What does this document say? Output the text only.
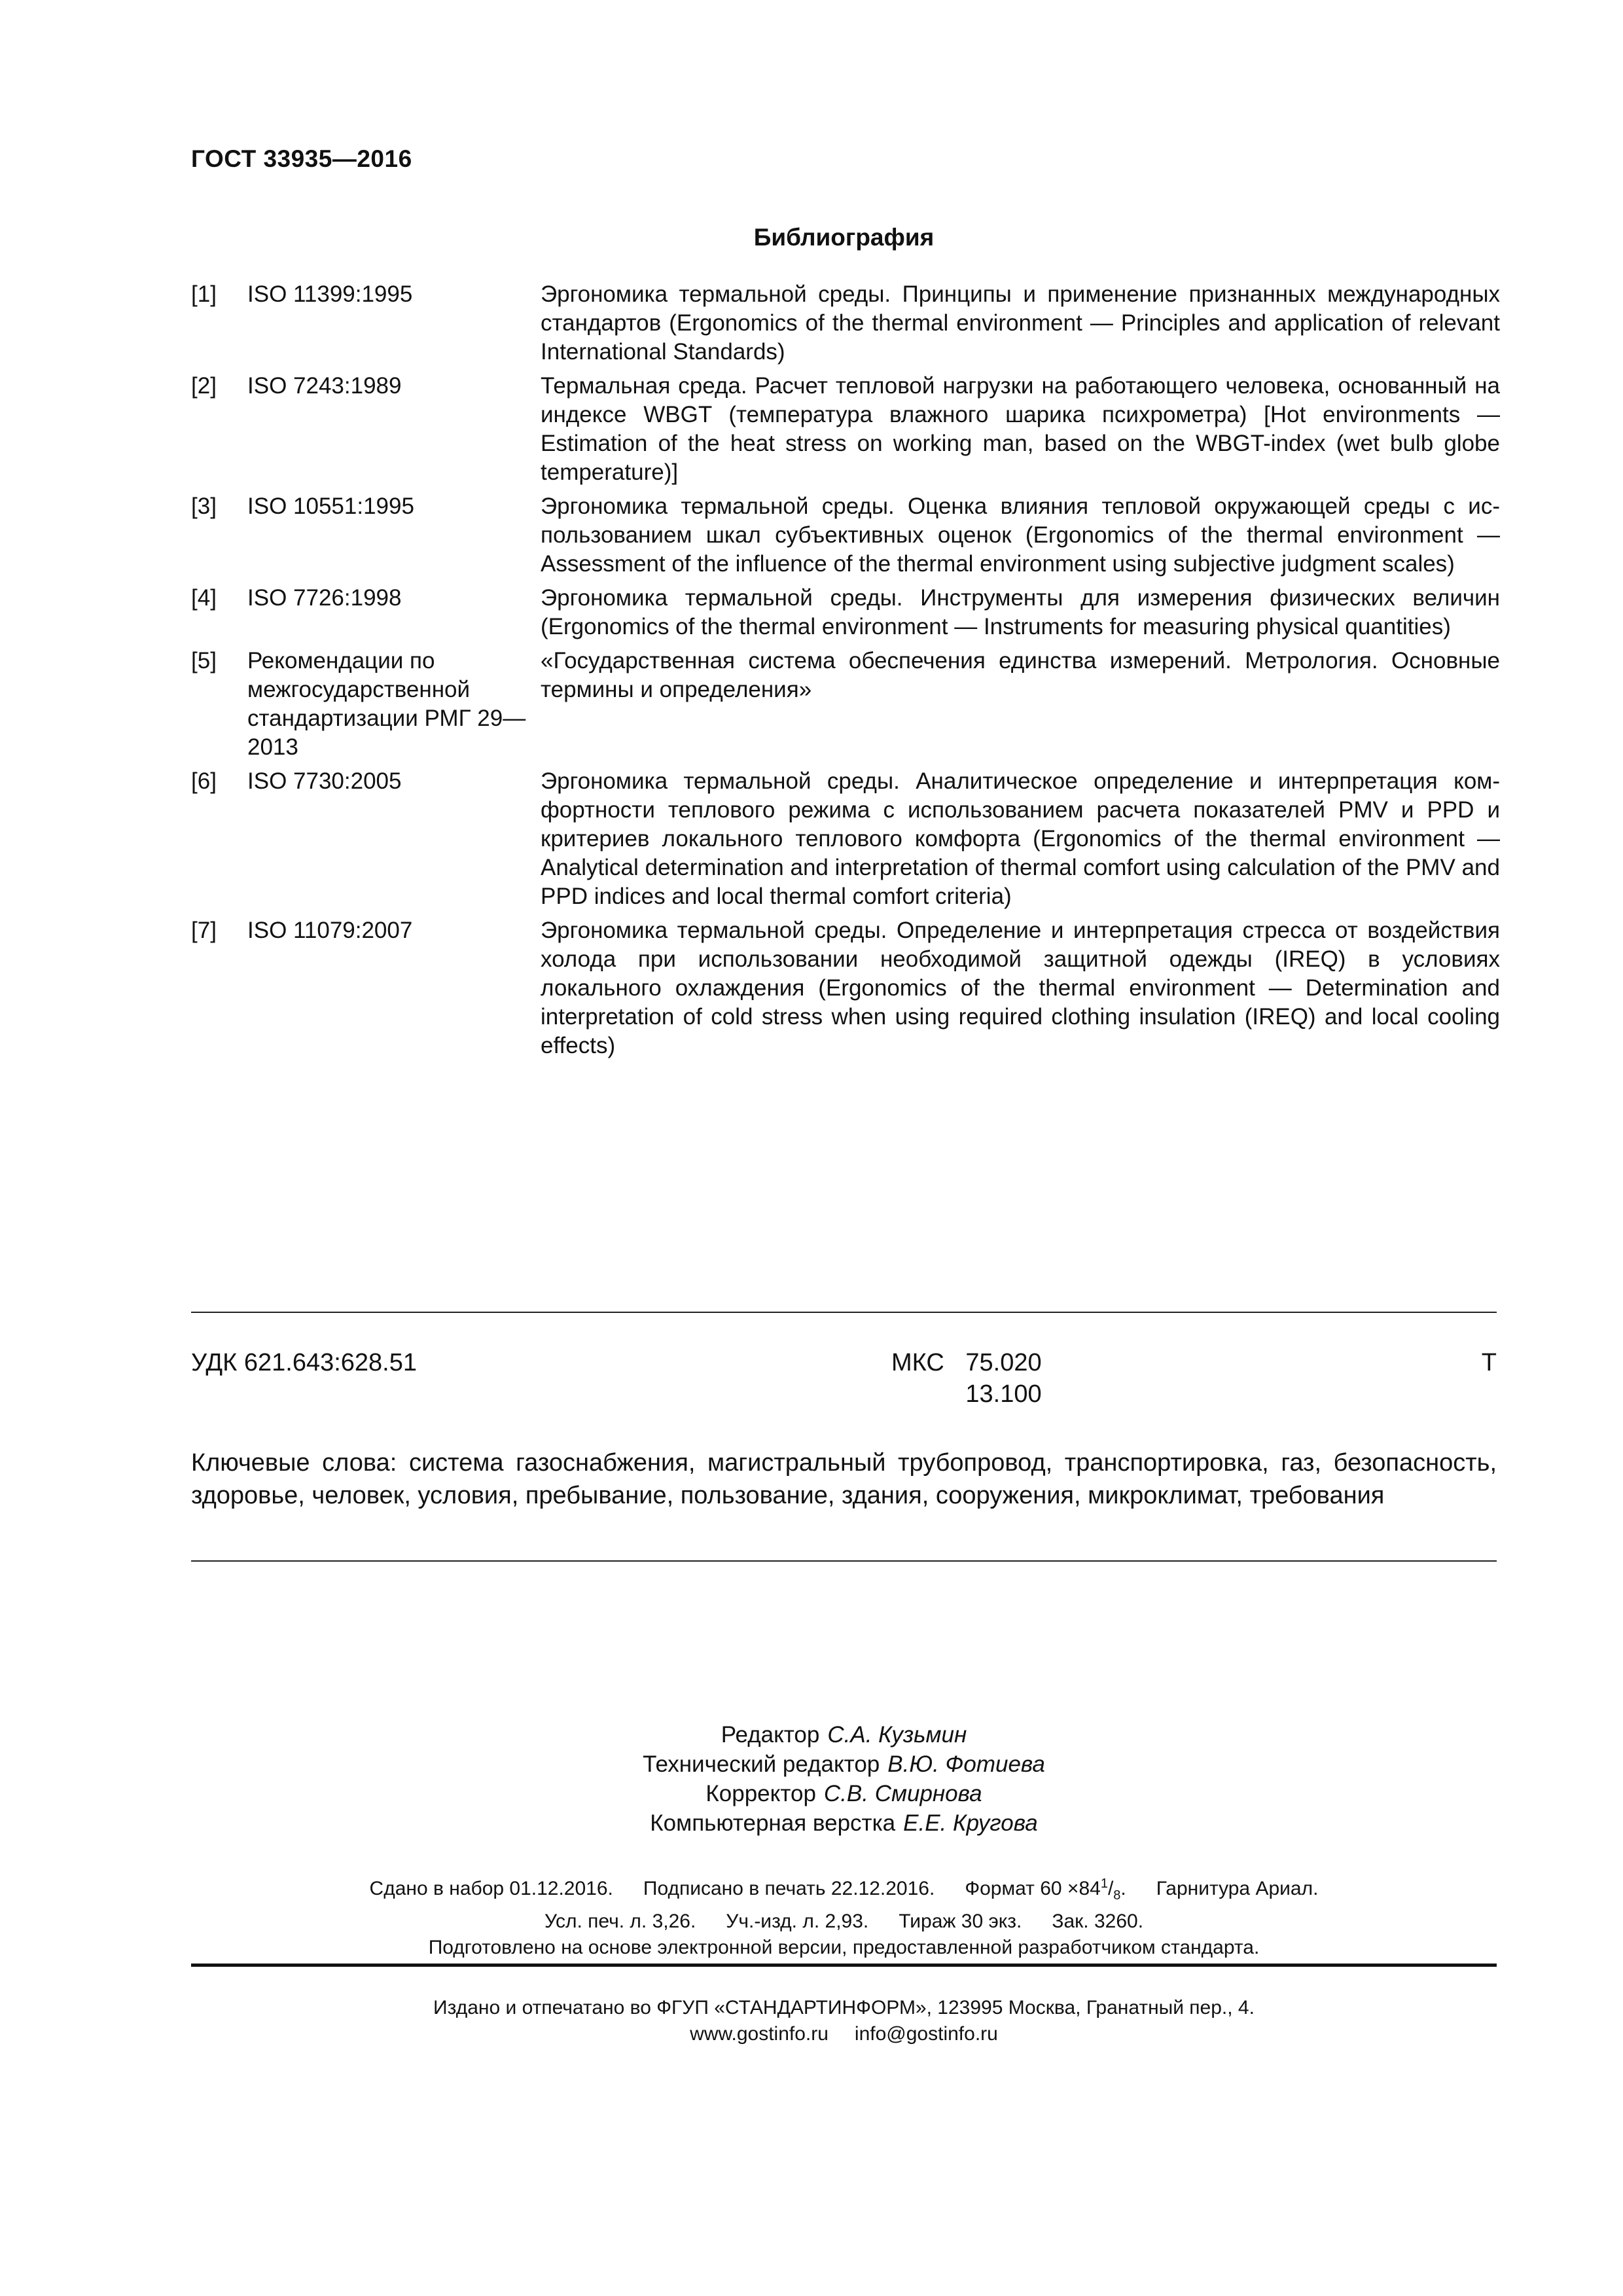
ГОСТ 33935—2016
Библиография
[1]	ISO 11399:1995	Эргономика термальной среды. Принципы и применение признанных международных стандартов (Ergonomics of the thermal environment — Principles and application of relevant International Standards)
[2]	ISO 7243:1989	Термальная среда. Расчет тепловой нагрузки на работающего человека, основанный на индексе WBGT (температура влажного шарика психрометра) [Hot environments — Estimation of the heat stress on working man, based on the WBGT-index (wet bulb globe temperature)]
[3]	ISO 10551:1995	Эргономика термальной среды. Оценка влияния тепловой окружающей среды с использованием шкал субъективных оценок (Ergonomics of the thermal environment — Assessment of the influence of the thermal environment using subjective judgment scales)
[4]	ISO 7726:1998	Эргономика термальной среды. Инструменты для измерения физических величин (Ergonomics of the thermal environment — Instruments for measuring physical quantities)
[5]	Рекомендации по межгосударственной стандартизации РМГ 29—2013	«Государственная система обеспечения единства измерений. Метрология. Основные термины и определения»
[6]	ISO 7730:2005	Эргономика термальной среды. Аналитическое определение и интерпретация комфортности теплового режима с использованием расчета показателей PMV и PPD и критериев локального теплового комфорта (Ergonomics of the thermal environment — Analytical determination and interpretation of thermal comfort using calculation of the PMV and PPD indices and local thermal comfort criteria)
[7]	ISO 11079:2007	Эргономика термальной среды. Определение и интерпретация стресса от воздействия холода при использовании необходимой защитной одежды (IREQ) в условиях локального охлаждения (Ergonomics of the thermal environment — Determination and interpretation of cold stress when using required clothing insulation (IREQ) and local cooling effects)
УДК 621.643:628.51	МКС 75.020
13.100
Т
Ключевые слова: система газоснабжения, магистральный трубопровод, транспортировка, газ, безопасность, здоровье, человек, условия, пребывание, пользование, здания, сооружения, микроклимат, требования
Редактор С.А. Кузьмин
Технический редактор В.Ю. Фотиева
Корректор С.В. Смирнова
Компьютерная верстка Е.Е. Кругова
Сдано в набор 01.12.2016. Подписано в печать 22.12.2016. Формат $60 \times 84^1/_8$. Гарнитура Ариал.
Усл. печ. л. 3,26. Уч.-изд. л. 2,93. Тираж 30 экз. Зак. 3260.
Подготовлено на основе электронной версии, предоставленной разработчиком стандарта.
Издано и отпечатано во ФГУП «СТАНДАРТИНФОРМ», 123995 Москва, Гранатный пер., 4.
www.gostinfo.ru info@gostinfo.ru
